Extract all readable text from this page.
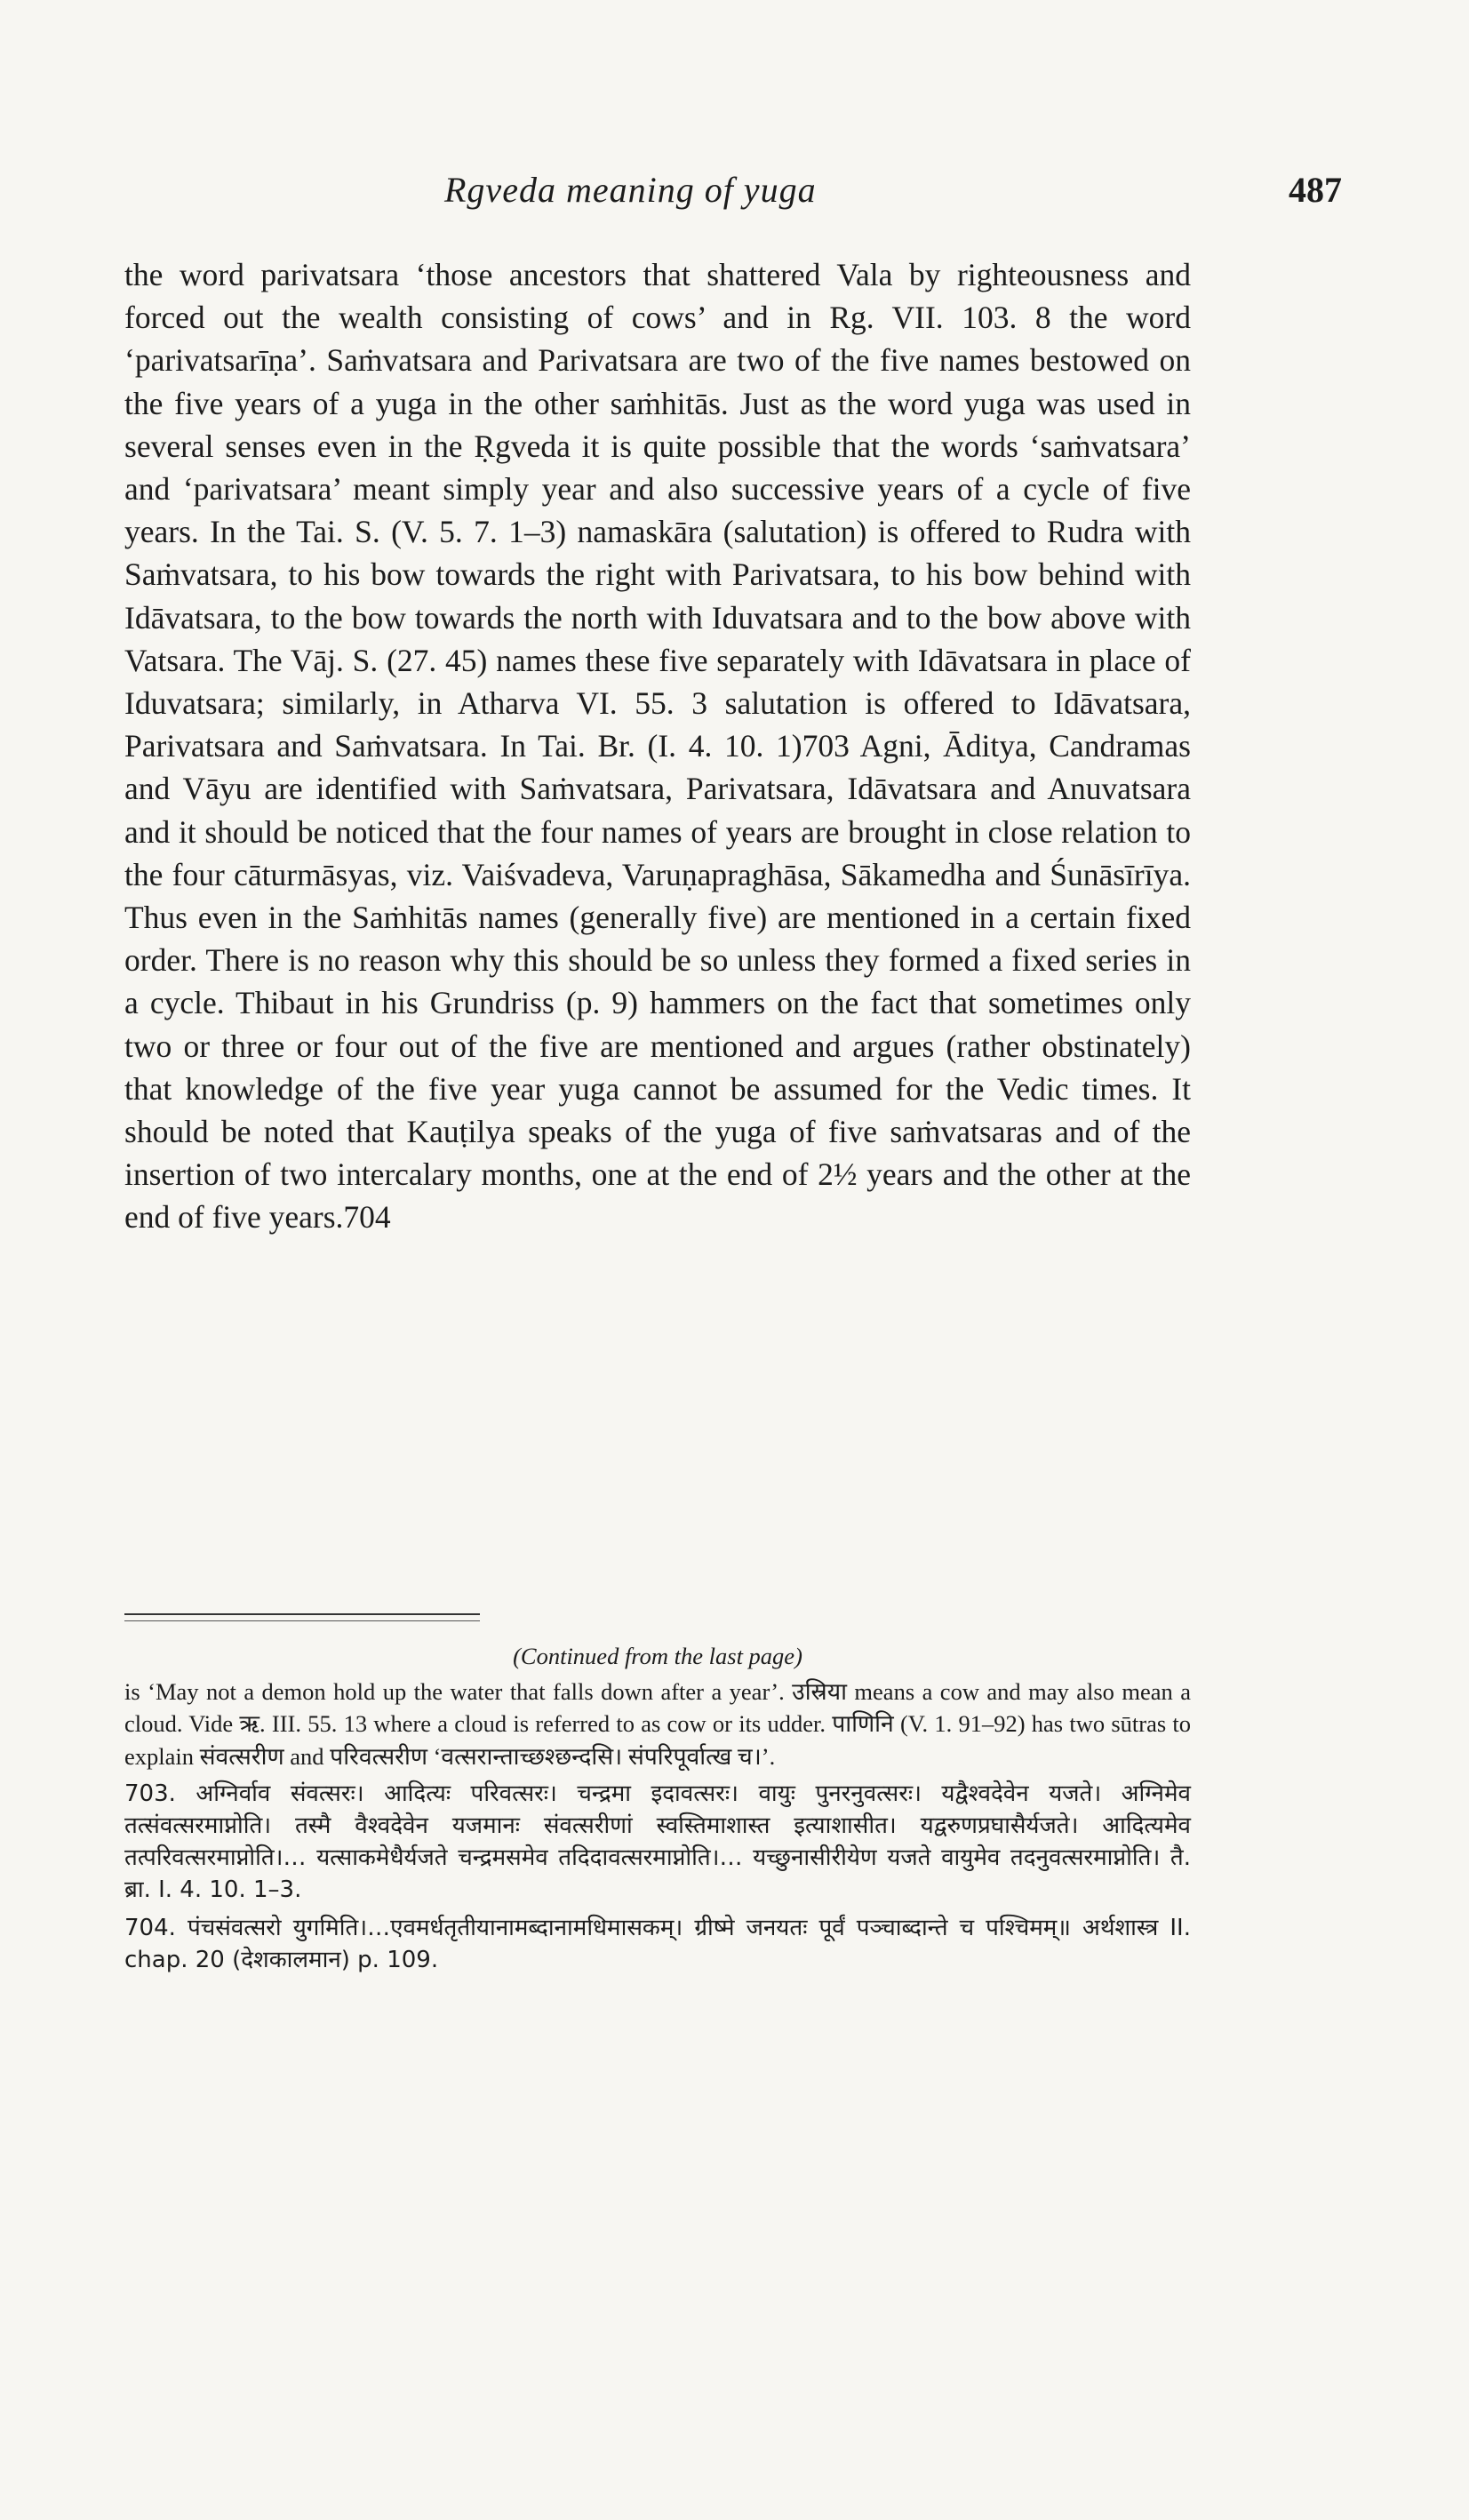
Rgveda meaning of yuga	487

the word parivatsara ‘those ancestors that shattered Vala by righteousness and forced out the wealth consisting of cows’ and in Rg. VII. 103. 8 the word ‘parivatsarīṇa’. Saṁvatsara and Parivatsara are two of the five names bestowed on the five years of a yuga in the other saṁhitās. Just as the word yuga was used in several senses even in the Ṛgveda it is quite possible that the words ‘saṁvatsara’ and ‘parivatsara’ meant simply year and also successive years of a cycle of five years. In the Tai. S. (V. 5. 7. 1–3) namaskāra (salutation) is offered to Rudra with Saṁvatsara, to his bow towards the right with Parivatsara, to his bow behind with Idāvatsara, to the bow towards the north with Iduvatsara and to the bow above with Vatsara. The Vāj. S. (27. 45) names these five separately with Idāvatsara in place of Iduvatsara; similarly, in Atharva VI. 55. 3 salutation is offered to Idāvatsara, Parivatsara and Saṁvatsara. In Tai. Br. (I. 4. 10. 1)703 Agni, Āditya, Candramas and Vāyu are identified with Saṁvatsara, Parivatsara, Idāvatsara and Anuvatsara and it should be noticed that the four names of years are brought in close relation to the four cāturmāsyas, viz. Vaiśvadeva, Varuṇapraghāsa, Sākamedha and Śunāsīrīya. Thus even in the Saṁhitās names (generally five) are mentioned in a certain fixed order. There is no reason why this should be so unless they formed a fixed series in a cycle. Thibaut in his Grundriss (p. 9) hammers on the fact that sometimes only two or three or four out of the five are mentioned and argues (rather obstinately) that knowledge of the five year yuga cannot be assumed for the Vedic times. It should be noted that Kauṭilya speaks of the yuga of five saṁvatsaras and of the insertion of two intercalary months, one at the end of 2½ years and the other at the end of five years.704

(Continued from the last page)

is ‘May not a demon hold up the water that falls down after a year’. उस्रिया means a cow and may also mean a cloud. Vide ऋ. III. 55. 13 where a cloud is referred to as cow or its udder. पाणिनि (V. 1. 91–92) has two sūtras to explain संवत्सरीण and परिवत्सरीण ‘वत्सरान्ताच्छश्छन्दसि। संपरिपूर्वात्ख च।’.

703. अग्निर्वाव संवत्सरः। आदित्यः परिवत्सरः। चन्द्रमा इदावत्सरः। वायुः पुनरनुवत्सरः। यद्वैश्वदेवेन यजते। अग्निमेव तत्संवत्सरमाप्नोति। तस्मै वैश्वदेवेन यजमानः संवत्सरीणां स्वस्तिमाशास्त इत्याशासीत। यद्वरुणप्रघासैर्यजते। आदित्यमेव तत्परिवत्सरमाप्नोति।… यत्साकमेधैर्यजते चन्द्रमसमेव तदिदावत्सरमाप्नोति।… यच्छुनासीरीयेण यजते वायुमेव तदनुवत्सरमाप्नोति। तै. ब्रा. I. 4. 10. 1–3.

704. पंचसंवत्सरो युगमिति।…एवमर्धतृतीयानामब्दानामधिमासकम्। ग्रीष्मे जनयतः पूर्वं पञ्चाब्दान्ते च पश्चिमम्॥ अर्थशास्त्र II. chap. 20 (देशकालमान) p. 109.
